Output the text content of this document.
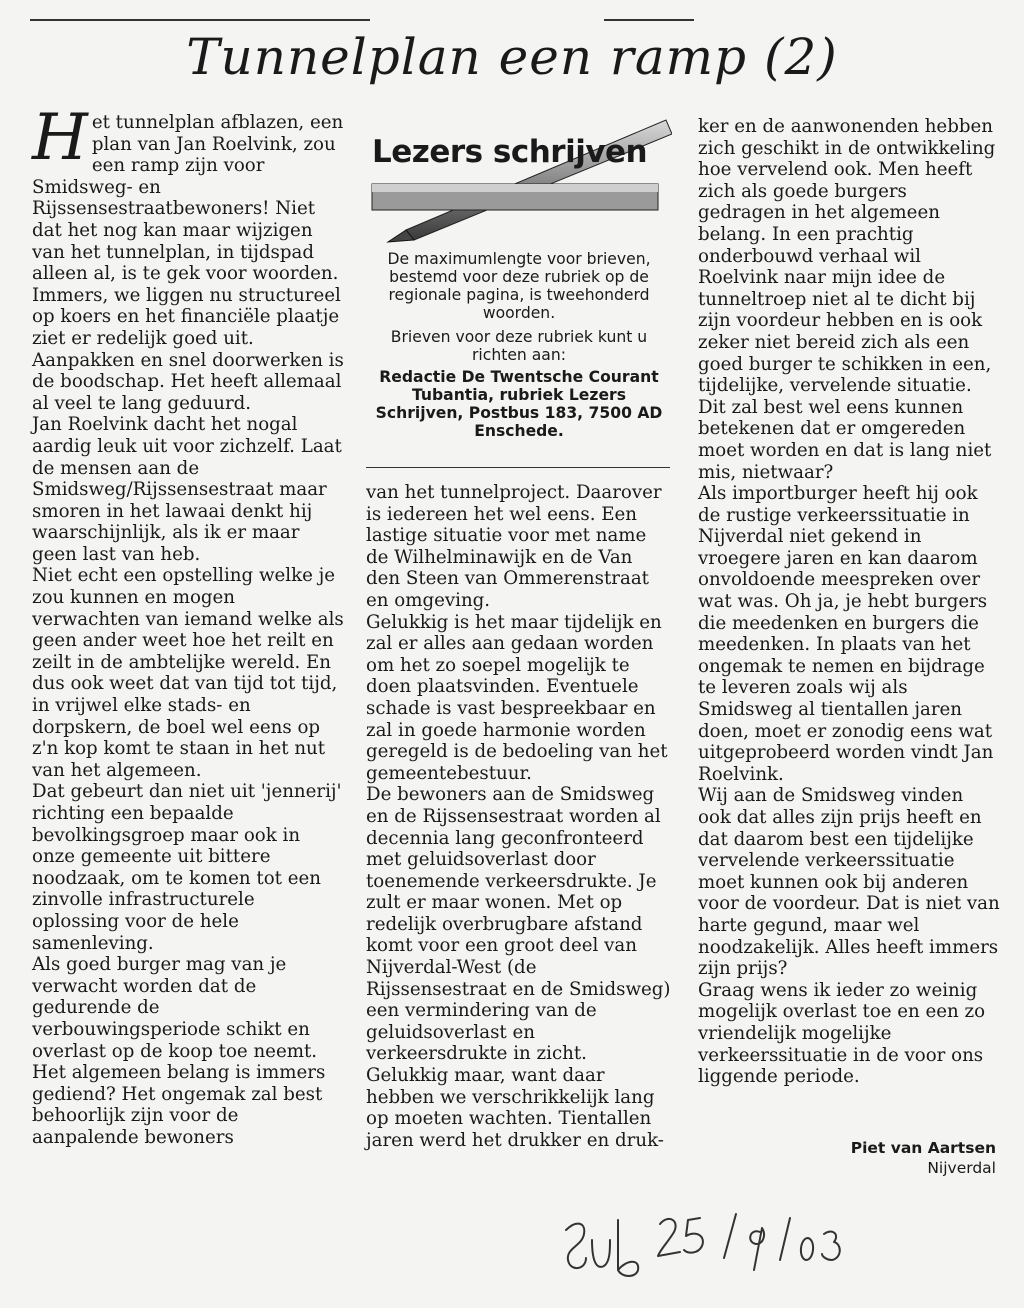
Tunnelplan een ramp (2)
H et tunnelplan afblazen, een plan van Jan Roelvink, zou een ramp zijn voor Smidsweg- en Rijssensestraatbewoners! Niet dat het nog kan maar wijzigen van het tunnelplan, in tijdspad alleen al, is te gek voor woorden. Immers, we liggen nu structureel op koers en het financiële plaatje ziet er redelijk goed uit. Aanpakken en snel doorwerken is de boodschap. Het heeft allemaal al veel te lang geduurd.

Jan Roelvink dacht het nogal aardig leuk uit voor zichzelf. Laat de mensen aan de Smidsweg/Rijssensestraat maar smoren in het lawaai denkt hij waarschijnlijk, als ik er maar geen last van heb.

Niet echt een opstelling welke je zou kunnen en mogen verwachten van iemand welke als geen ander weet hoe het reilt en zeilt in de ambtelijke wereld. En dus ook weet dat van tijd tot tijd, in vrijwel elke stads- en dorpskern, de boel wel eens op z'n kop komt te staan in het nut van het algemeen.

Dat gebeurt dan niet uit 'jennerij' richting een bepaalde bevolkingsgroep maar ook in onze gemeente uit bittere noodzaak, om te komen tot een zinvolle infrastructurele oplossing voor de hele samenleving.

Als goed burger mag van je verwacht worden dat de gedurende de verbouwingsperiode schikt en overlast op de koop toe neemt. Het algemeen belang is immers gediend? Het ongemak zal best behoorlijk zijn voor de aanpalende bewoners

Lezers schrijven

De maximumlengte voor brieven, bestemd voor deze rubriek op de regionale pagina, is tweehonderd woorden.

Brieven voor deze rubriek kunt u richten aan:

Redactie De Twentsche Courant Tubantia, rubriek Lezers Schrijven, Postbus 183, 7500 AD Enschede.

van het tunnelproject. Daarover is iedereen het wel eens. Een lastige situatie voor met name de Wilhelminawijk en de Van den Steen van Ommerenstraat en omgeving.

Gelukkig is het maar tijdelijk en zal er alles aan gedaan worden om het zo soepel mogelijk te doen plaatsvinden. Eventuele schade is vast bespreekbaar en zal in goede harmonie worden geregeld is de bedoeling van het gemeentebestuur.

De bewoners aan de Smidsweg en de Rijssensestraat worden al decennia lang geconfronteerd met geluidsoverlast door toenemende verkeersdrukte. Je zult er maar wonen. Met op redelijk overbrugbare afstand komt voor een groot deel van Nijverdal-West (de Rijssensestraat en de Smidsweg) een vermindering van de geluidsoverlast en verkeersdrukte in zicht.

Gelukkig maar, want daar hebben we verschrikkelijk lang op moeten wachten. Tientallen jaren werd het drukker en druk-

ker en de aanwonenden hebben zich geschikt in de ontwikkeling hoe vervelend ook. Men heeft zich als goede burgers gedragen in het algemeen belang. In een prachtig onderbouwd verhaal wil Roelvink naar mijn idee de tunneltroep niet al te dicht bij zijn voordeur hebben en is ook zeker niet bereid zich als een goed burger te schikken in een, tijdelijke, vervelende situatie. Dit zal best wel eens kunnen betekenen dat er omgereden moet worden en dat is lang niet mis, nietwaar?

Als importburger heeft hij ook de rustige verkeerssituatie in Nijverdal niet gekend in vroegere jaren en kan daarom onvoldoende meespreken over wat was. Oh ja, je hebt burgers die meedenken en burgers die meedenken. In plaats van het ongemak te nemen en bijdrage te leveren zoals wij als Smidsweg al tientallen jaren doen, moet er zonodig eens wat uitgeprobeerd worden vindt Jan Roelvink.

Wij aan de Smidsweg vinden ook dat alles zijn prijs heeft en dat daarom best een tijdelijke vervelende verkeerssituatie moet kunnen ook bij anderen voor de voordeur. Dat is niet van harte gegund, maar wel noodzakelijk. Alles heeft immers zijn prijs?

Graag wens ik ieder zo weinig mogelijk overlast toe en een zo vriendelijk mogelijke verkeerssituatie in de voor ons liggende periode.

Piet van Aartsen
Nijverdal
